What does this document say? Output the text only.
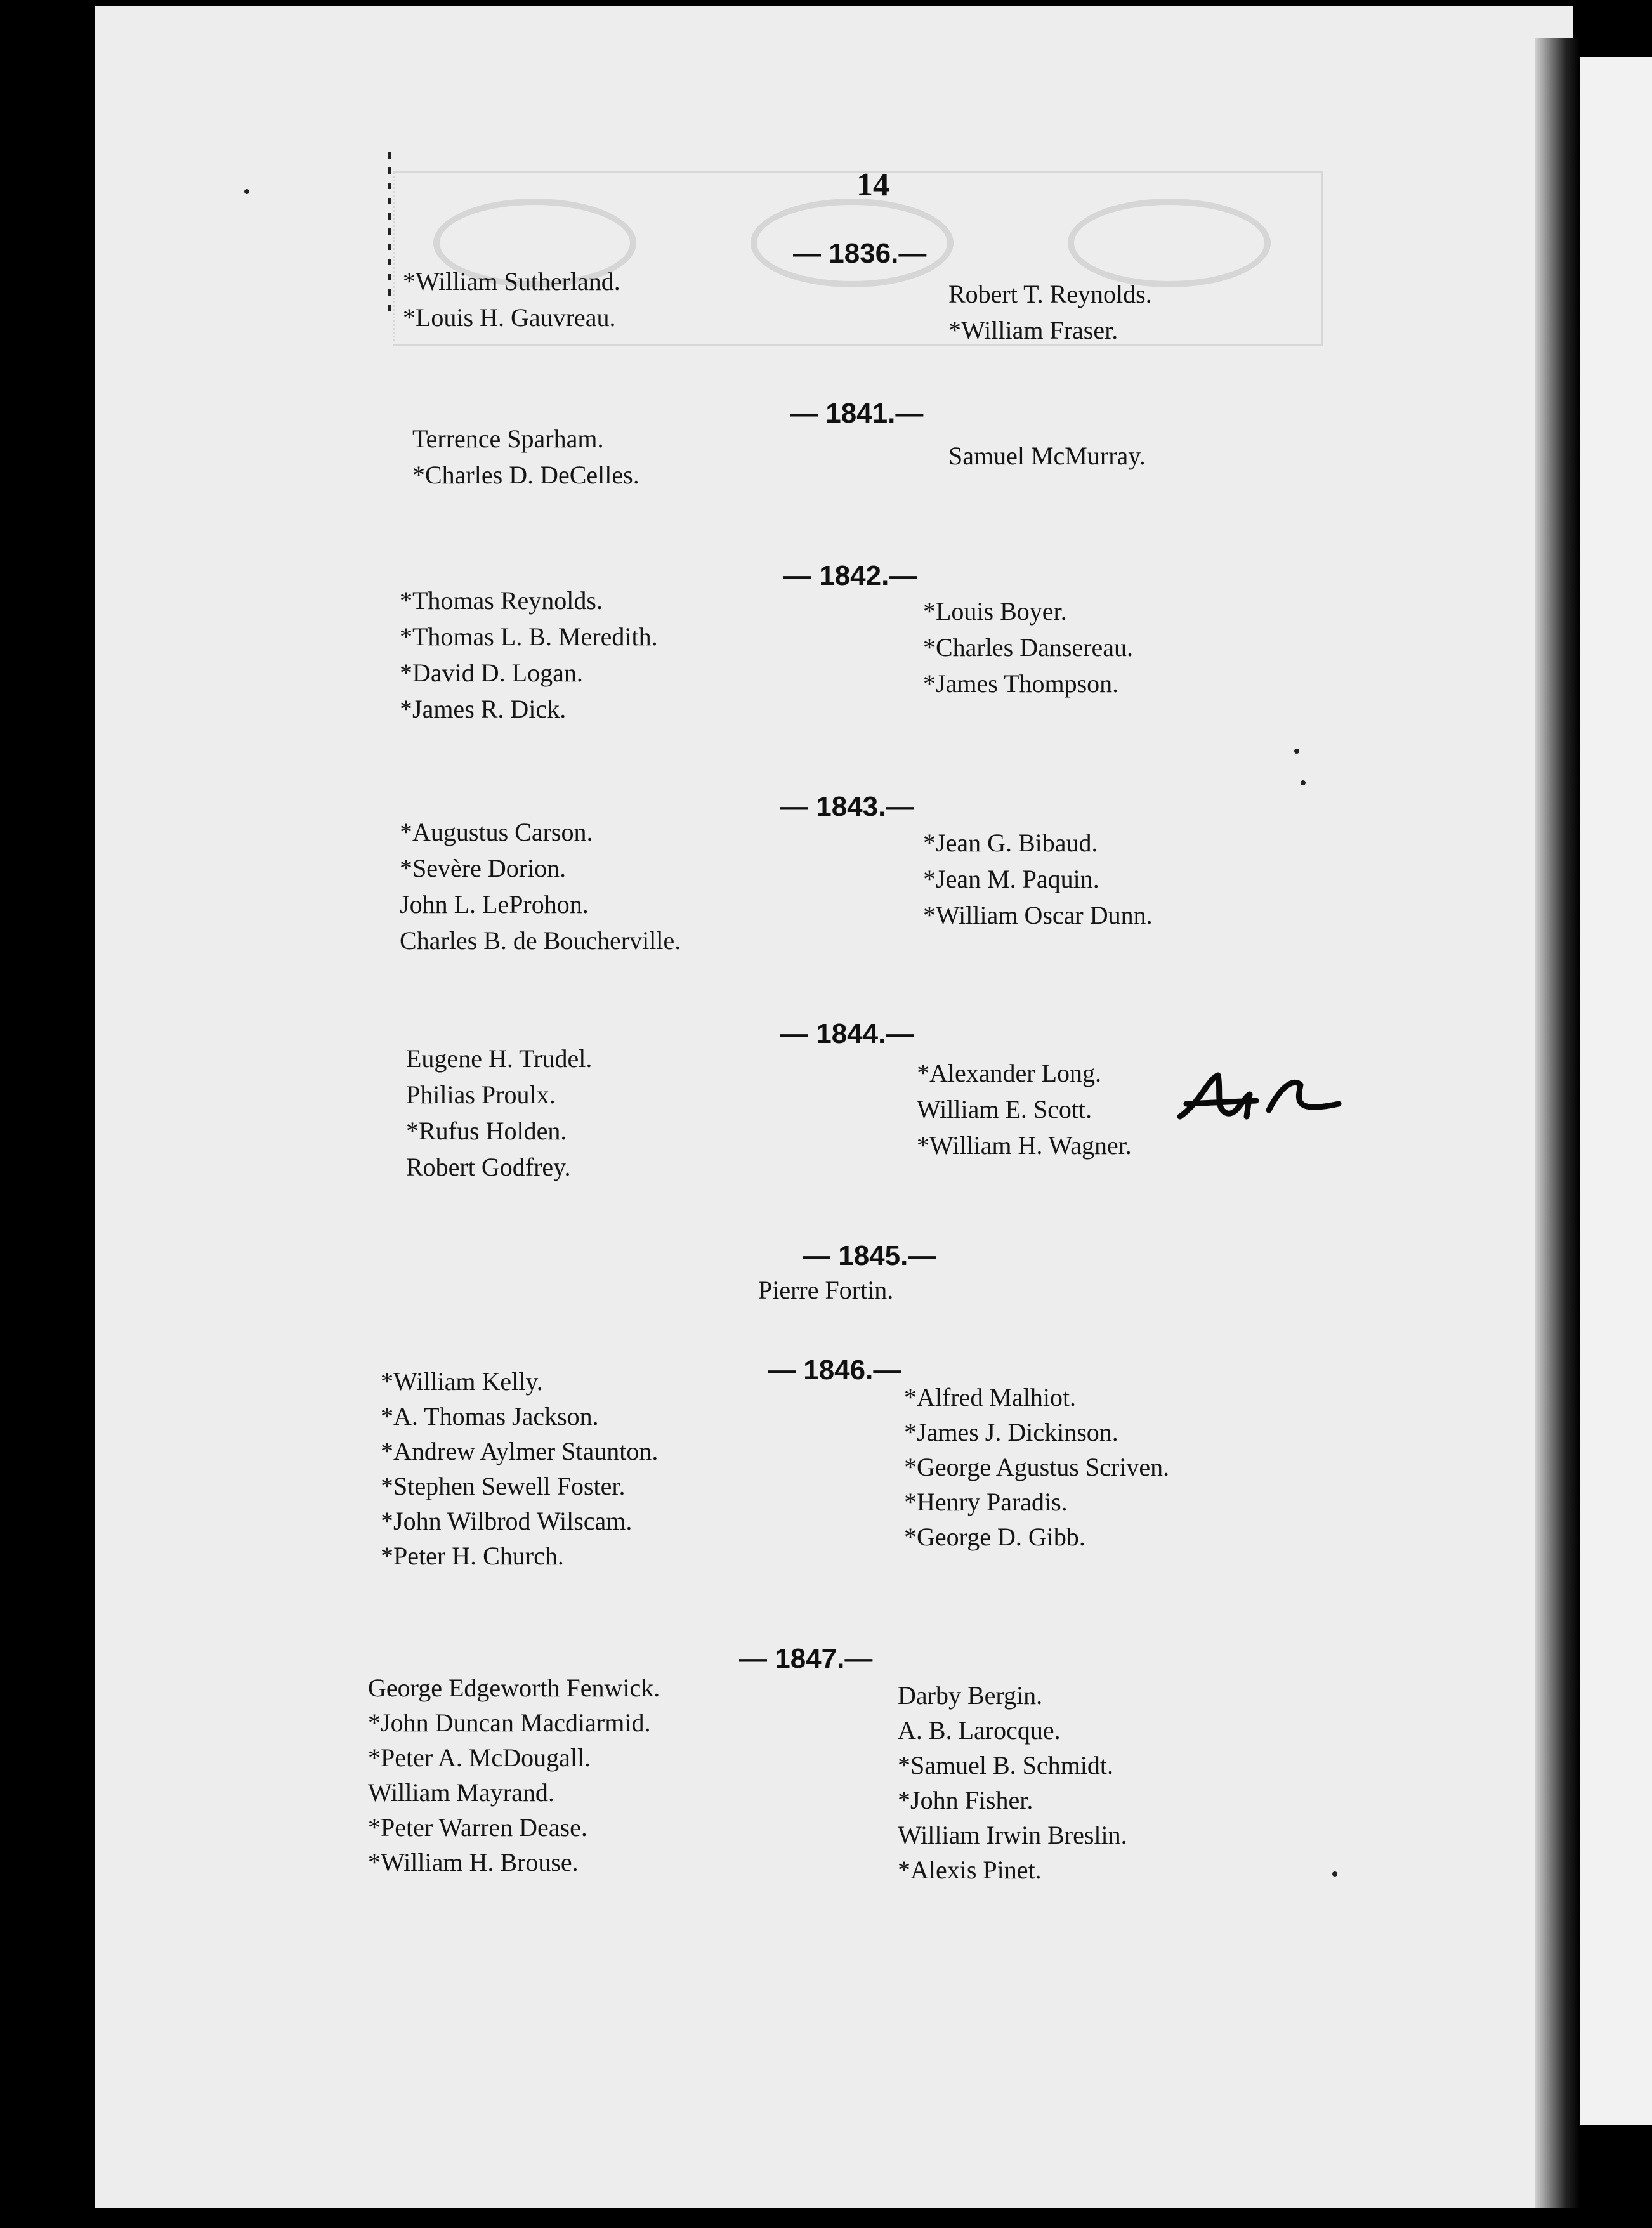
14
— 1836.—
*William Sutherland.
*Louis H. Gauvreau.
Robert T. Reynolds.
*William Fraser.
— 1841.—
Terrence Sparham.
*Charles D. DeCelles.
Samuel McMurray.
— 1842.—
*Thomas Reynolds.
*Thomas L. B. Meredith.
*David D. Logan.
*James R. Dick.
*Louis Boyer.
*Charles Dansereau.
*James Thompson.
— 1843.—
*Augustus Carson.
*Sevère Dorion.
John L. LeProhon.
Charles B. de Boucherville.
*Jean G. Bibaud.
*Jean M. Paquin.
*William Oscar Dunn.
— 1844.—
Eugene H. Trudel.
Philias Proulx.
*Rufus Holden.
Robert Godfrey.
*Alexander Long.
William E. Scott.
*William H. Wagner.
— 1845.—
Pierre Fortin.
— 1846.—
*William Kelly.
*A. Thomas Jackson.
*Andrew Aylmer Staunton.
*Stephen Sewell Foster.
*John Wilbrod Wilscam.
*Peter H. Church.
*Alfred Malhiot.
*James J. Dickinson.
*George Agustus Scriven.
*Henry Paradis.
*George D. Gibb.
— 1847.—
George Edgeworth Fenwick.
*John Duncan Macdiarmid.
*Peter A. McDougall.
William Mayrand.
*Peter Warren Dease.
*William H. Brouse.
Darby Bergin.
A. B. Larocque.
*Samuel B. Schmidt.
*John Fisher.
William Irwin Breslin.
*Alexis Pinet.
